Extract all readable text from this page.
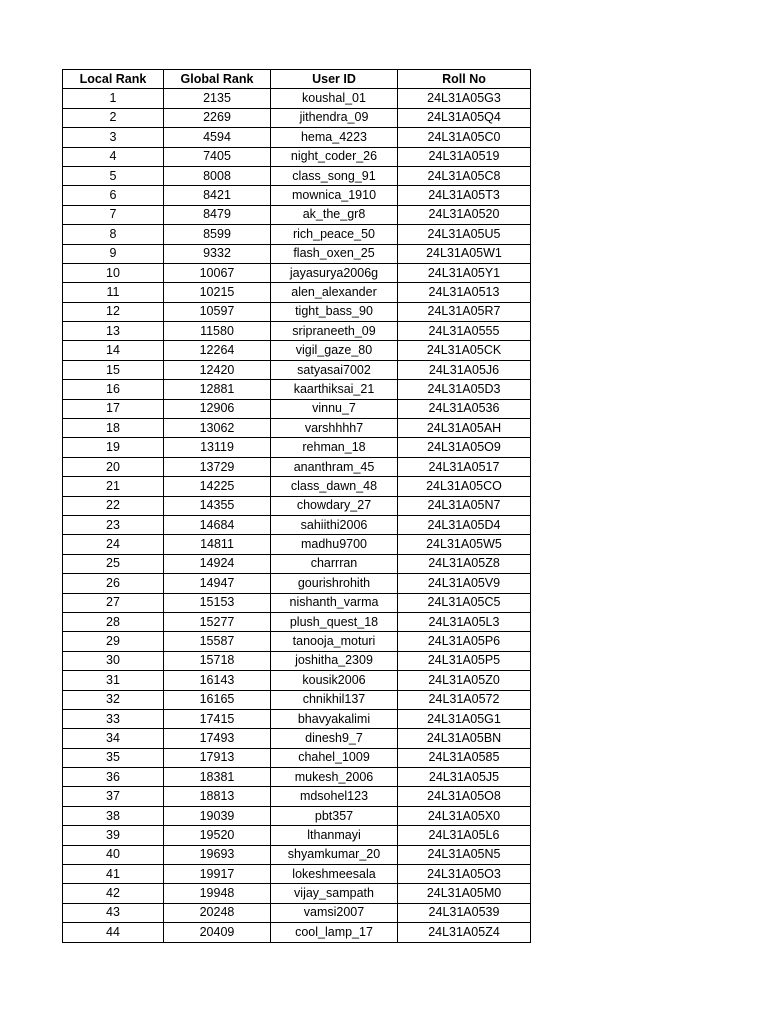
Local Rank	Global Rank	User ID	Roll No
1	2135	koushal_01	24L31A05G3
2	2269	jithendra_09	24L31A05Q4
3	4594	hema_4223	24L31A05C0
4	7405	night_coder_26	24L31A0519
5	8008	class_song_91	24L31A05C8
6	8421	mownica_1910	24L31A05T3
7	8479	ak_the_gr8	24L31A0520
8	8599	rich_peace_50	24L31A05U5
9	9332	flash_oxen_25	24L31A05W1
10	10067	jayasurya2006g	24L31A05Y1
11	10215	alen_alexander	24L31A0513
12	10597	tight_bass_90	24L31A05R7
13	11580	sripraneeth_09	24L31A0555
14	12264	vigil_gaze_80	24L31A05CK
15	12420	satyasai7002	24L31A05J6
16	12881	kaarthiksai_21	24L31A05D3
17	12906	vinnu_7	24L31A0536
18	13062	varshhhh7	24L31A05AH
19	13119	rehman_18	24L31A05O9
20	13729	ananthram_45	24L31A0517
21	14225	class_dawn_48	24L31A05CO
22	14355	chowdary_27	24L31A05N7
23	14684	sahiithi2006	24L31A05D4
24	14811	madhu9700	24L31A05W5
25	14924	charrran	24L31A05Z8
26	14947	gourishrohith	24L31A05V9
27	15153	nishanth_varma	24L31A05C5
28	15277	plush_quest_18	24L31A05L3
29	15587	tanooja_moturi	24L31A05P6
30	15718	joshitha_2309	24L31A05P5
31	16143	kousik2006	24L31A05Z0
32	16165	chnikhil137	24L31A0572
33	17415	bhavyakalimi	24L31A05G1
34	17493	dinesh9_7	24L31A05BN
35	17913	chahel_1009	24L31A0585
36	18381	mukesh_2006	24L31A05J5
37	18813	mdsohel123	24L31A05O8
38	19039	pbt357	24L31A05X0
39	19520	lthanmayi	24L31A05L6
40	19693	shyamkumar_20	24L31A05N5
41	19917	lokeshmeesala	24L31A05O3
42	19948	vijay_sampath	24L31A05M0
43	20248	vamsi2007	24L31A0539
44	20409	cool_lamp_17	24L31A05Z4
